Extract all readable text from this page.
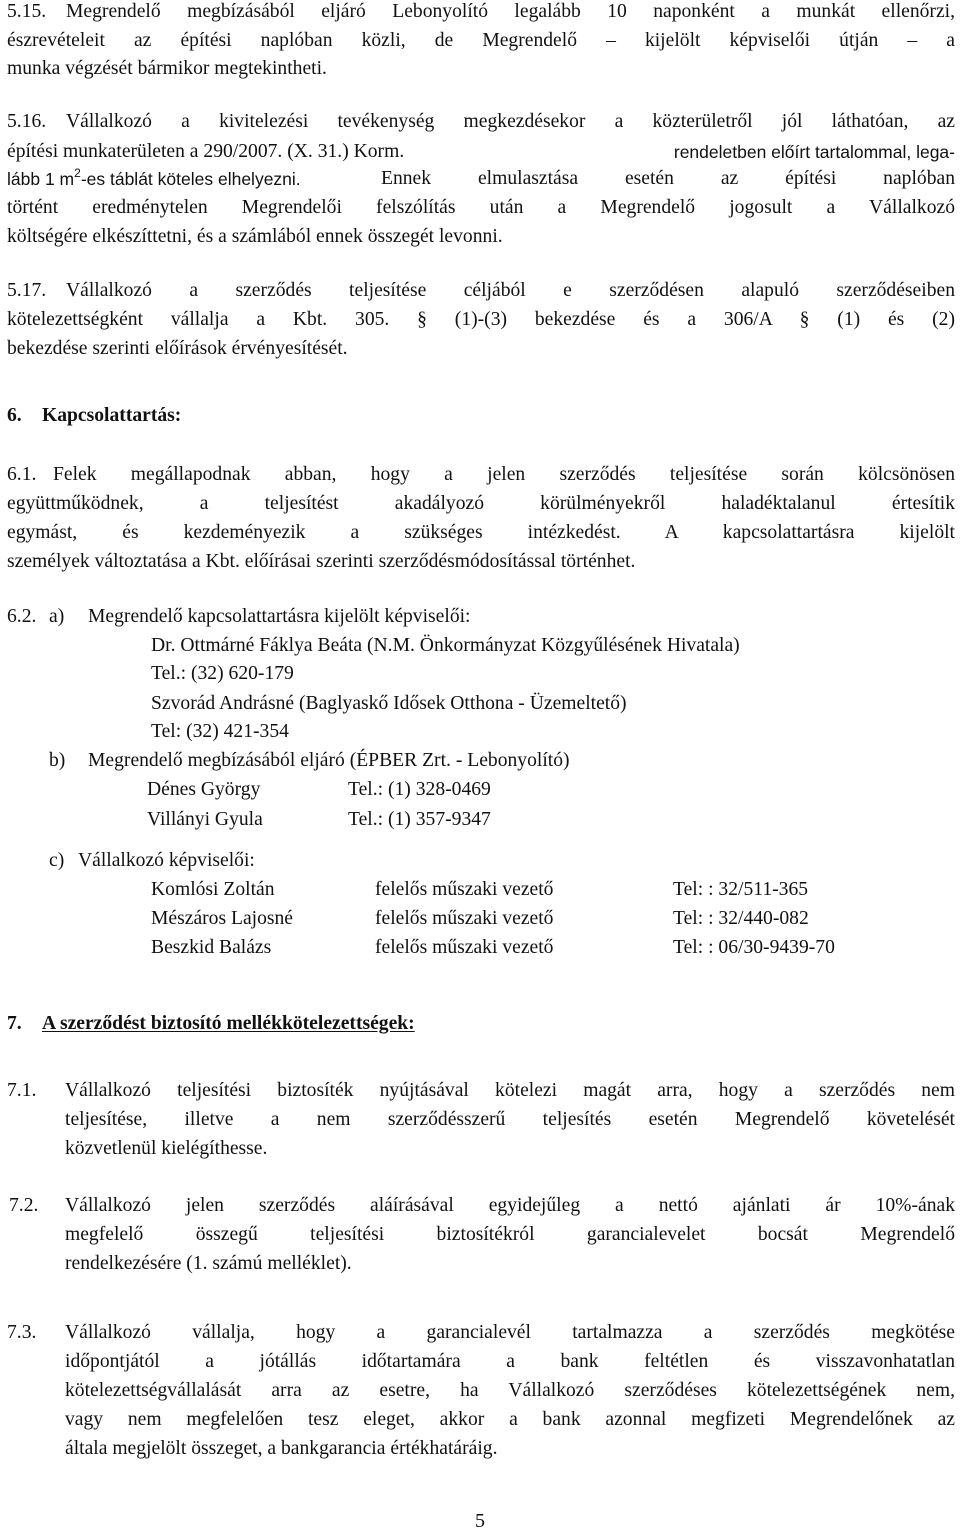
5.15. Megrendelő megbízásából eljáró Lebonyolító legalább 10 naponként a munkát ellenőrzi,
észrevételeit az építési naplóban közli, de Megrendelő – kijelölt képviselői útján – a
munka végzését bármikor megtekintheti.
5.16. Vállalkozó a kivitelezési tevékenység megkezdésekor a közterületről jól láthatóan, az
építési munkaterületen a 290/2007. (X. 31.) Korm.	rendeletben előírt tartalommal, lega-
lább 1 $m^2-es$ táblát köteles elhelyezni.	Ennek elmulasztása esetén az építési naplóban
történt eredménytelen Megrendelői felszólítás után a Megrendelő jogosult a Vállalkozó
költségére elkészíttetni, és a számlából ennek összegét levonni.
5.17. Vállalkozó a szerződés teljesítése céljából e szerződésen alapuló szerződéseiben
kötelezettségként vállalja a Kbt. 305. § (1)-(3) bekezdése és a 306/A § (1) és (2)
bekezdése szerinti előírások érvényesítését.
6. Kapcsolattartás:
6.1. Felek megállapodnak abban, hogy a jelen szerződés teljesítése során kölcsönösen
együttműködnek, a teljesítést akadályozó körülményekről haladéktalanul értesítik
egymást, és kezdeményezik a szükséges intézkedést. A kapcsolattartásra kijelölt
személyek változtatása a Kbt. előírásai szerinti szerződésmódosítással történhet.
6.2. a) Megrendelő kapcsolattartásra kijelölt képviselői:
Dr. Ottmárné Fáklya Beáta (N.M. Önkormányzat Közgyűlésének Hivatala)
Tel.: (32) 620-179
Szvorád Andrásné (Baglyaskő Idősek Otthona - Üzemeltető)
Tel: (32) 421-354
b) Megrendelő megbízásából eljáró (ÉPBER Zrt. - Lebonyolító)
Dénes György	Tel.: (1) 328-0469
Villányi Gyula	Tel.: (1) 357-9347
c) Vállalkozó képviselői:
Komlósi Zoltán	felelős műszaki vezető	Tel: : 32/511-365
Mészáros Lajosné	felelős műszaki vezető	Tel: : 32/440-082
Beszkid Balázs	felelős műszaki vezető	Tel: : 06/30-9439-70
7. A szerződést biztosító mellékkötelezettségek:
7.1. Vállalkozó teljesítési biztosíték nyújtásával kötelezi magát arra, hogy a szerződés nem
teljesítése, illetve a nem szerződésszerű teljesítés esetén Megrendelő követelését
közvetlenül kielégíthesse.
7.2. Vállalkozó jelen szerződés aláírásával egyidejűleg a nettó ajánlati ár 10%-ának
megfelelő összegű teljesítési biztosítékról garancialevelet bocsát Megrendelő
rendelkezésére (1. számú melléklet).
7.3. Vállalkozó vállalja, hogy a garancialevél tartalmazza a szerződés megkötése
időpontjától a jótállás időtartamára a bank feltétlen és visszavonhatatlan
kötelezettségvállalását arra az esetre, ha Vállalkozó szerződéses kötelezettségének nem,
vagy nem megfelelően tesz eleget, akkor a bank azonnal megfizeti Megrendelőnek az
általa megjelölt összeget, a bankgarancia értékhatáráig.
5
